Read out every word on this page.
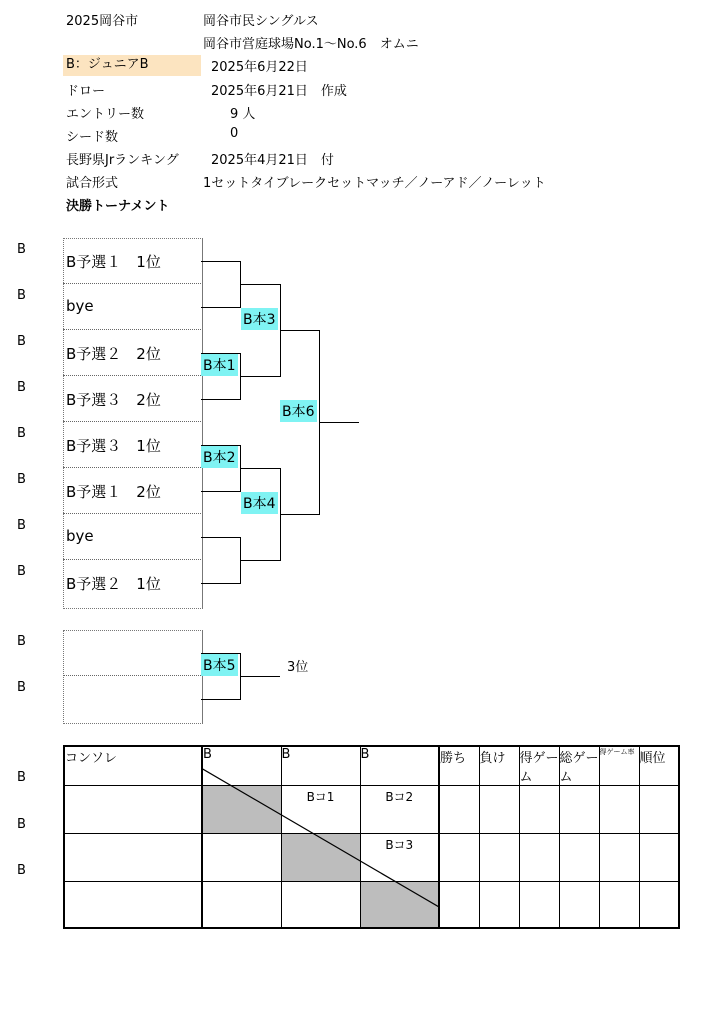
2025岡谷市	岡谷市民シングルス
岡谷市営庭球場No.1～No.6　オムニ
B：ジュニアB	2025年6月22日
ドロー	2025年6月21日　作成
エントリー数	9 人
シード数	0
長野県Jrランキング 2025年4月21日　付
試合形式	1セットタイブレークセットマッチ／ノーアド／ノーレット
決勝トーナメント
B
B
B
B
B
B
B
B
B
B
B
B
B
B予選１　1位
bye
B予選２　2位
B予選３　2位
B予選３　1位
B予選１　2位
bye
B予選２　1位
B本1
B本2
B本3
B本4
B本6
B本5	3位
コンソレ	B	B	B	勝ち	負け	得ゲーム	総ゲーム	得ゲーム率	順位
		Bコ1	Bコ2						
			Bコ3						
